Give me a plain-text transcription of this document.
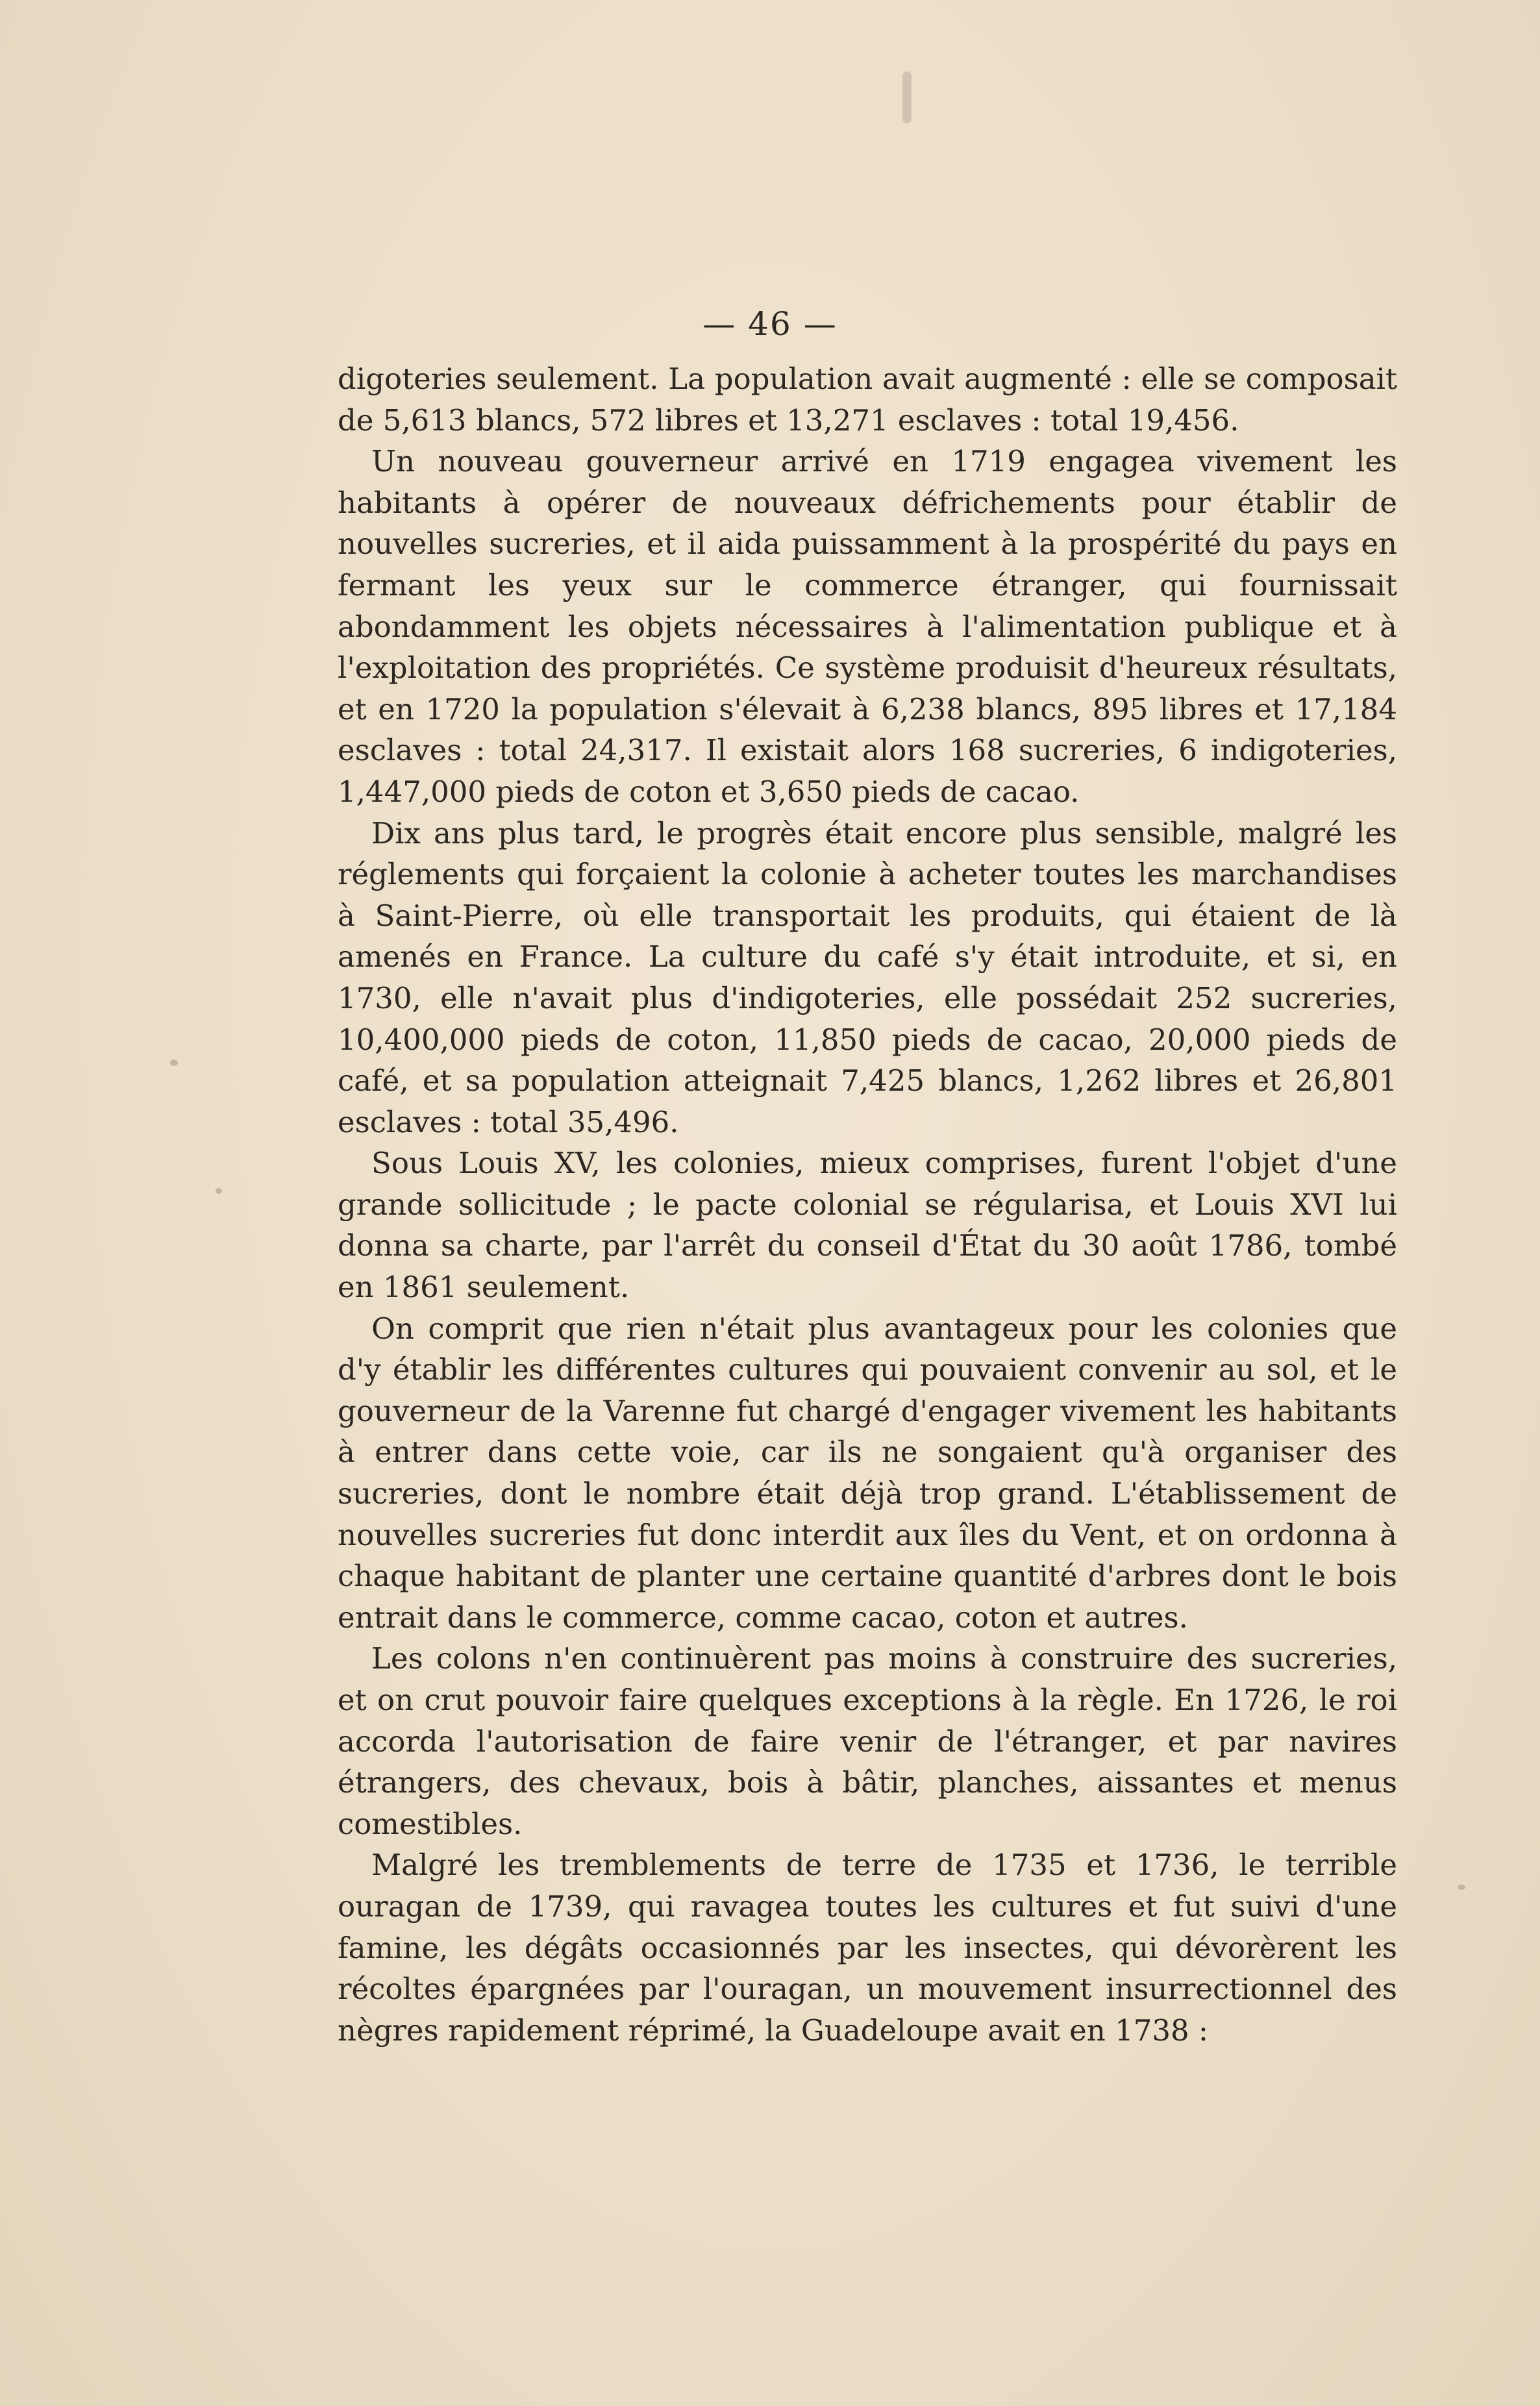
— 46 —

digoteries seulement. La population avait augmenté : elle se composait de 5,613 blancs, 572 libres et 13,271 esclaves : total 19,456.

Un nouveau gouverneur arrivé en 1719 engagea vivement les habitants à opérer de nouveaux défrichements pour établir de nouvelles sucreries, et il aida puissamment à la prospérité du pays en fermant les yeux sur le commerce étranger, qui fournissait abondamment les objets nécessaires à l'alimentation publique et à l'exploitation des propriétés. Ce système produisit d'heureux résultats, et en 1720 la population s'élevait à 6,238 blancs, 895 libres et 17,184 esclaves : total 24,317. Il existait alors 168 sucreries, 6 indigoteries, 1,447,000 pieds de coton et 3,650 pieds de cacao.

Dix ans plus tard, le progrès était encore plus sensible, malgré les réglements qui forçaient la colonie à acheter toutes les marchandises à Saint-Pierre, où elle transportait les produits, qui étaient de là amenés en France. La culture du café s'y était introduite, et si, en 1730, elle n'avait plus d'indigoteries, elle possédait 252 sucreries, 10,400,000 pieds de coton, 11,850 pieds de cacao, 20,000 pieds de café, et sa population atteignait 7,425 blancs, 1,262 libres et 26,801 esclaves : total 35,496.

Sous Louis XV, les colonies, mieux comprises, furent l'objet d'une grande sollicitude ; le pacte colonial se régularisa, et Louis XVI lui donna sa charte, par l'arrêt du conseil d'État du 30 août 1786, tombé en 1861 seulement.

On comprit que rien n'était plus avantageux pour les colonies que d'y établir les différentes cultures qui pouvaient convenir au sol, et le gouverneur de la Varenne fut chargé d'engager vivement les habitants à entrer dans cette voie, car ils ne songaient qu'à organiser des sucreries, dont le nombre était déjà trop grand. L'établissement de nouvelles sucreries fut donc interdit aux îles du Vent, et on ordonna à chaque habitant de planter une certaine quantité d'arbres dont le bois entrait dans le commerce, comme cacao, coton et autres.

Les colons n'en continuèrent pas moins à construire des sucreries, et on crut pouvoir faire quelques exceptions à la règle. En 1726, le roi accorda l'autorisation de faire venir de l'étranger, et par navires étrangers, des chevaux, bois à bâtir, planches, aissantes et menus comestibles.

Malgré les tremblements de terre de 1735 et 1736, le terrible ouragan de 1739, qui ravagea toutes les cultures et fut suivi d'une famine, les dégâts occasionnés par les insectes, qui dévorèrent les récoltes épargnées par l'ouragan, un mouvement insurrectionnel des nègres rapidement réprimé, la Guadeloupe avait en 1738 :
